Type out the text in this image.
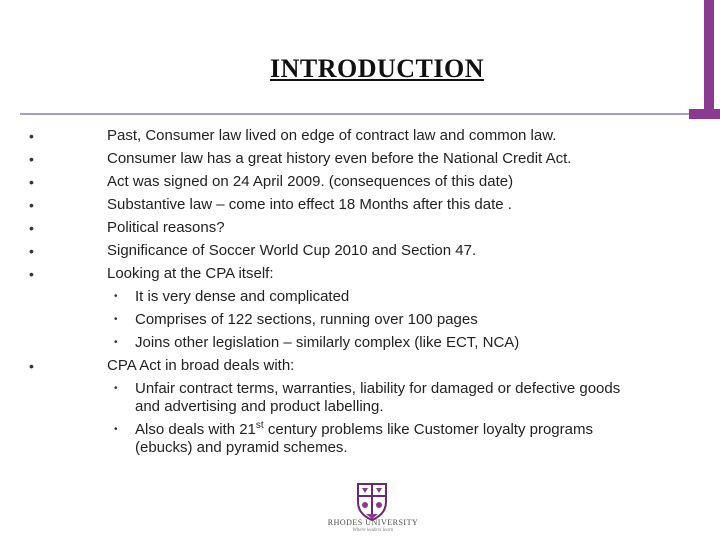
INTRODUCTION
•	Past, Consumer law lived on edge of contract law and common law.
•	Consumer law has a great history even before the National Credit Act.
•	Act was signed on 24 April 2009. (consequences of this date)
•	Substantive law – come into effect 18 Months after this date .
•	Political reasons?
•	Significance of Soccer World Cup 2010 and Section 47.
•	Looking at the CPA itself:
• It is very dense and complicated
• Comprises of 122 sections, running over 100 pages
• Joins other legislation – similarly complex (like ECT, NCA)
•	CPA Act in broad deals with:
• Unfair contract terms, warranties, liability for damaged or defective goods
and advertising and product labelling.
• Also deals with 21st century problems like Customer loyalty programs
(ebucks) and pyramid schemes.
RHODES UNIVERSITY
Where leaders learn
